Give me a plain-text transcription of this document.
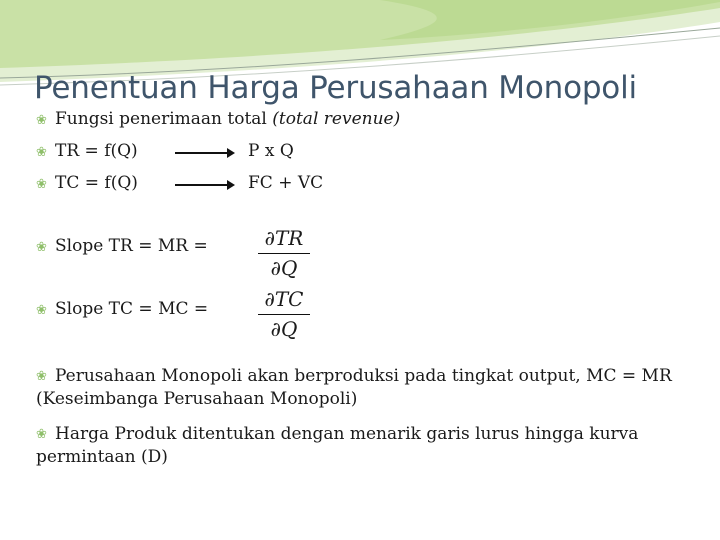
Penentuan Harga Perusahaan Monopoli
❀Fungsi penerimaan total (total revenue)
❀TR = f(Q)	P x Q
❀TC = f(Q)	FC + VC
❀Slope TR = MR =	∂TR
∂Q
❀Slope TC = MC =	∂TC
∂Q
❀
Perusahaan Monopoli akan berproduksi pada tingkat output, MC = MR (Keseimbanga Perusahaan Monopoli)
❀
Harga Produk ditentukan dengan menarik garis lurus hingga kurva permintaan (D)
